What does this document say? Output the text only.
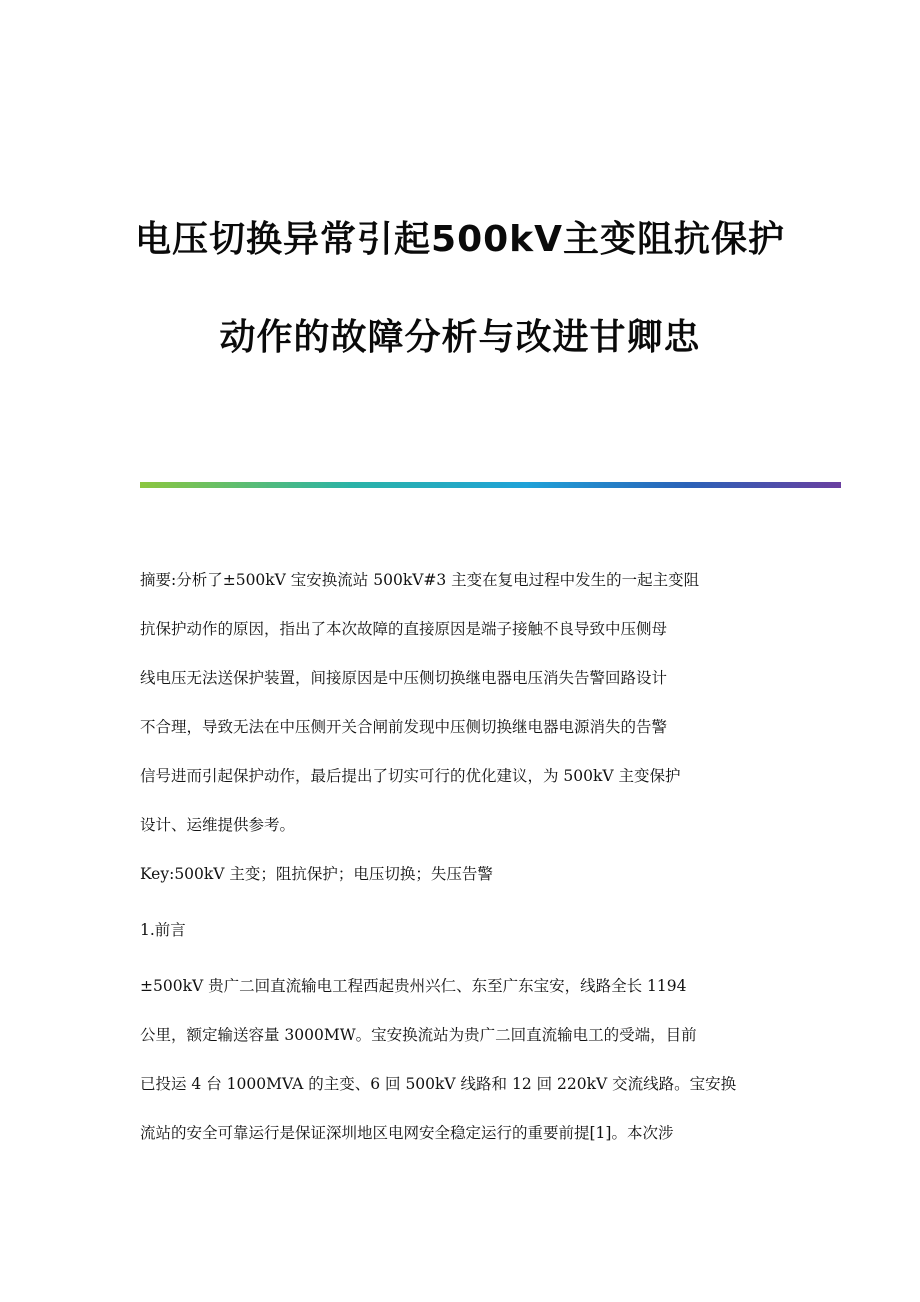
电压切换异常引起500kV主变阻抗保护
动作的故障分析与改进甘卿忠
摘要:分析了±500kV 宝安换流站 500kV#3 主变在复电过程中发生的一起主变阻
抗保护动作的原因，指出了本次故障的直接原因是端子接触不良导致中压侧母
线电压无法送保护装置，间接原因是中压侧切换继电器电压消失告警回路设计
不合理，导致无法在中压侧开关合闸前发现中压侧切换继电器电源消失的告警
信号进而引起保护动作，最后提出了切实可行的优化建议，为 500kV 主变保护
设计、运维提供参考。
Key:500kV 主变；阻抗保护；电压切换；失压告警
1.前言
±500kV 贵广二回直流输电工程西起贵州兴仁、东至广东宝安，线路全长 1194
公里，额定输送容量 3000MW。宝安换流站为贵广二回直流输电工的受端，目前
已投运 4 台 1000MVA 的主变、6 回 500kV 线路和 12 回 220kV 交流线路。宝安换
流站的安全可靠运行是保证深圳地区电网安全稳定运行的重要前提[1]。本次涉
